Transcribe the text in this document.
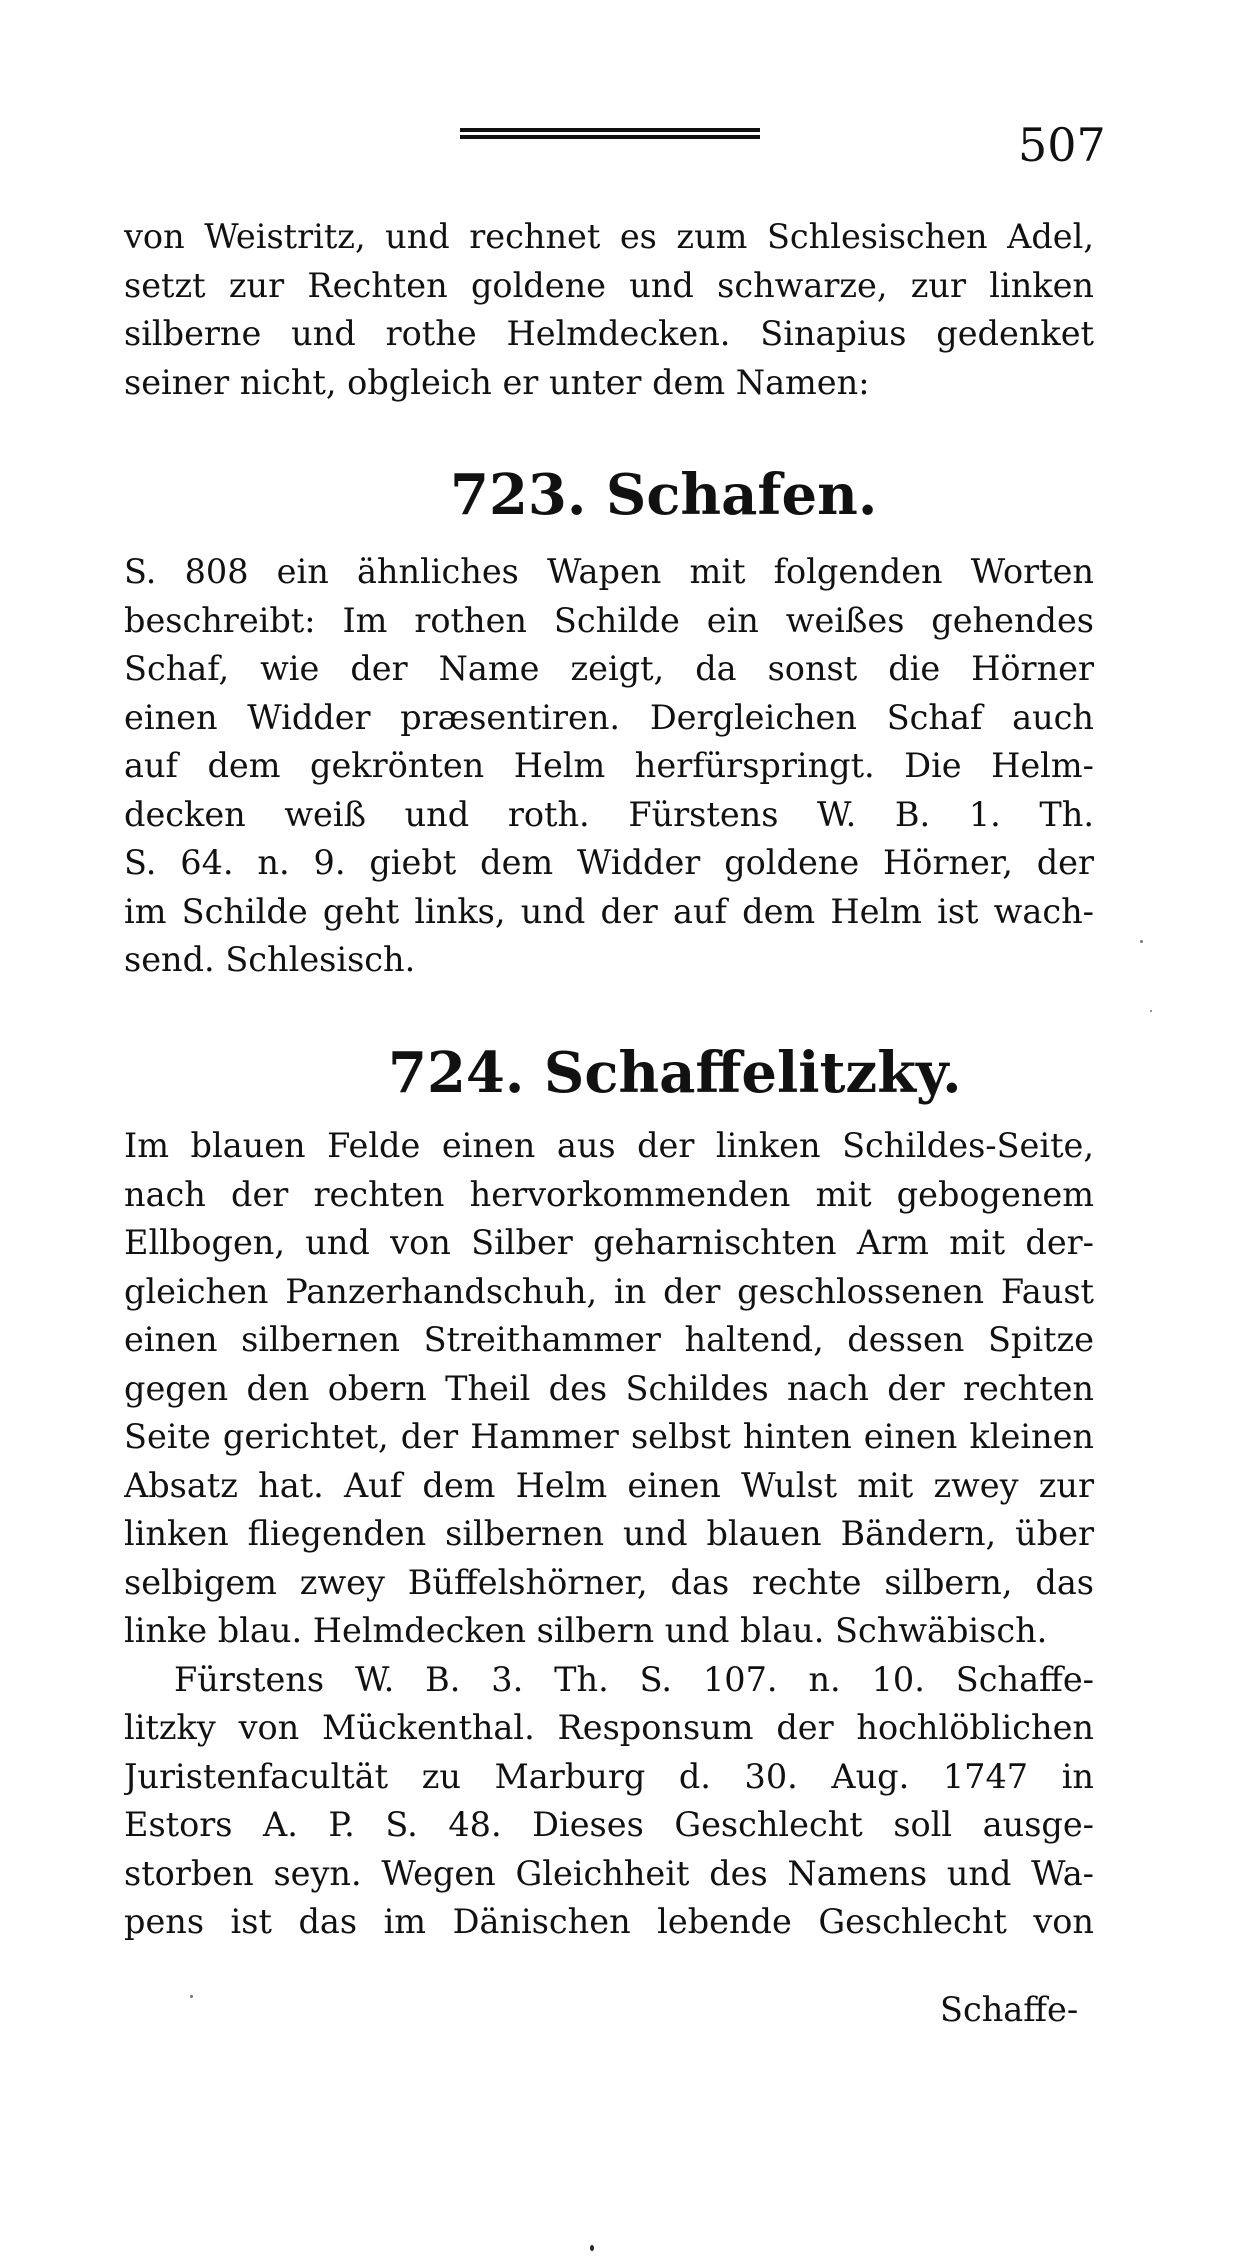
507
von Weistritz, und rechnet es zum Schlesischen Adel,
setzt zur Rechten goldene und schwarze, zur linken
silberne und rothe Helmdecken. Sinapius gedenket
seiner nicht, obgleich er unter dem Namen:
723. Schafen.
S. 808 ein ähnliches Wapen mit folgenden Worten
beschreibt: Im rothen Schilde ein weißes gehendes
Schaf, wie der Name zeigt, da sonst die Hörner
einen Widder præsentiren. Dergleichen Schaf auch
auf dem gekrönten Helm herfürspringt. Die Helm-
decken weiß und roth. Fürstens W. B. 1. Th.
S. 64. n. 9. giebt dem Widder goldene Hörner, der
im Schilde geht links, und der auf dem Helm ist wach-
send. Schlesisch.
724. Schaffelitzky.
Im blauen Felde einen aus der linken Schildes-Seite,
nach der rechten hervorkommenden mit gebogenem
Ellbogen, und von Silber geharnischten Arm mit der-
gleichen Panzerhandschuh, in der geschlossenen Faust
einen silbernen Streithammer haltend, dessen Spitze
gegen den obern Theil des Schildes nach der rechten
Seite gerichtet, der Hammer selbst hinten einen kleinen
Absatz hat. Auf dem Helm einen Wulst mit zwey zur
linken fliegenden silbernen und blauen Bändern, über
selbigem zwey Büffelshörner, das rechte silbern, das
linke blau. Helmdecken silbern und blau. Schwäbisch.
Fürstens W. B. 3. Th. S. 107. n. 10. Schaffe-
litzky von Mückenthal. Responsum der hochlöblichen
Juristenfacultät zu Marburg d. 30. Aug. 1747 in
Estors A. P. S. 48. Dieses Geschlecht soll ausge-
storben seyn. Wegen Gleichheit des Namens und Wa-
pens ist das im Dänischen lebende Geschlecht von
Schaffe-
